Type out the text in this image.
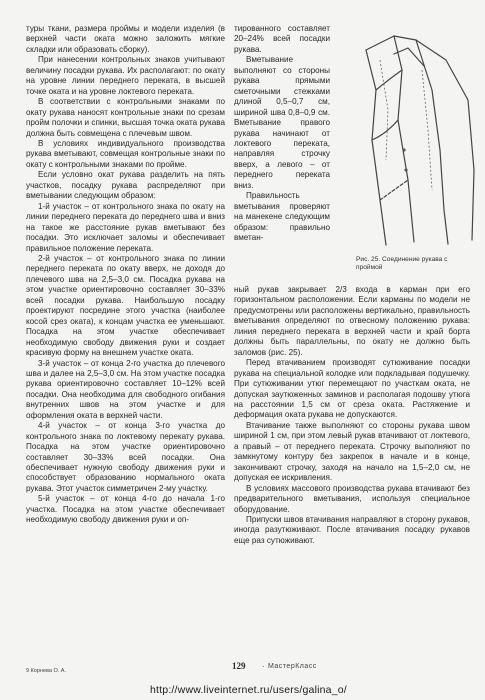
туры ткани, размера проймы и модели изделия (в верхней части оката можно заложить мягкие складки или образовать сборку).

При нанесении контрольных знаков учитывают величину посадки рукава. Их располагают: по окату на уровне линии переднего переката, в высшей точке оката и на уровне локтевого переката.

В соответствии с контрольными знаками по окату рукава наносят контрольные знаки по срезам пройм полочки и спинки, высшая точка оката рукава должна быть совмещена с плечевым швом.

В условиях индивидуального производства рукава вметывают, совмещая контрольные знаки по окату с контрольными знаками по пройме.

Если условно окат рукава разделить на пять участков, посадку рукава распределяют при вметывании следующим образом:

1-й участок – от контрольного знака по окату на линии переднего переката до переднего шва и вниз на такое же расстояние рукав вметывают без посадки. Это исключает заломы и обеспечивает правильное положение переката.

2-й участок – от контрольного знака по линии переднего переката по окату вверх, не доходя до плечевого шва на 2,5–3,0 см. Посадка рукава на этом участке ориентировочно составляет 30–33% всей посадки рукава. Наибольшую посадку проектируют посредине этого участка (наиболее косой срез оката), к концам участка ее уменьшают. Посадка на этом участке обеспечивает необходимую свободу движения руки и создает красивую форму на внешнем участке оката.

3-й участок – от конца 2-го участка до плечевого шва и далее на 2,5–3,0 см. На этом участке посадка рукава ориентировочно составляет 10–12% всей посадки. Она необходима для свободного огибания внутренних швов на этом участке и для оформления оката в верхней части.

4-й участок – от конца 3-го участка до контрольного знака по локтевому перекату рукава. Посадка на этом участке ориентировочно составляет 30–33% всей посадки. Она обеспечивает нужную свободу движения руки и способствует образованию нормального оката рукава. Этот участок симметричен 2-му участку.

5-й участок – от конца 4-го до начала 1-го участка. Посадка на этом участке обеспечивает необходимую свободу движения руки и оп-

тированного составляет 20–24% всей посадки рукава.

Вметывание выполняют со стороны рукава прямыми сметочными стежками длиной 0,5–0,7 см, шириной шва 0,8–0,9 см. Вметывание правого рукава начинают от локтевого переката, направляя строчку вверх, а левого – от переднего переката вниз.

Правильность вметывания проверяют на манекене следующим образом: правильно вметан-

ный рукав закрывает 2/3 входа в карман при его горизонтальном расположении. Если карманы по модели не предусмотрены или расположены вертикально, правильность вметывания определяют по отвесному положению рукава: линия переднего переката в верхней части и край борта должны быть параллельны, по окату не должно быть заломов (рис. 25).

Перед втачиванием производят сутюживание посадки рукава на специальной колодке или подкладывая подушечку. При сутюживании утюг перемещают по участкам оката, не допуская заутюженных заминов и располагая подошву утюга на расстоянии 1,5 см от среза оката. Растяжение и деформация оката рукава не допускаются.

Втачивание также выполняют со стороны рукава швом шириной 1 см, при этом левый рукав втачивают от локтевого, а правый – от переднего переката. Строчку выполняют по замкнутому контуру без закрепок в начале и в конце, закончивают строчку, заходя на начало на 1,5–2,0 см, не допуская ее искривления.

В условиях массового производства рукава втачивают без предварительного вметывания, используя специальное оборудование.

Припуски швов втачивания направляют в сторону рукавов, иногда разутюживают. После втачивания посадку рукавов еще раз сутюживают.

Рис. 25. Соединение рукава с проймой
9 Корнева О. А.	129 · МастерКласс
http://www.liveinternet.ru/users/galina_o/
